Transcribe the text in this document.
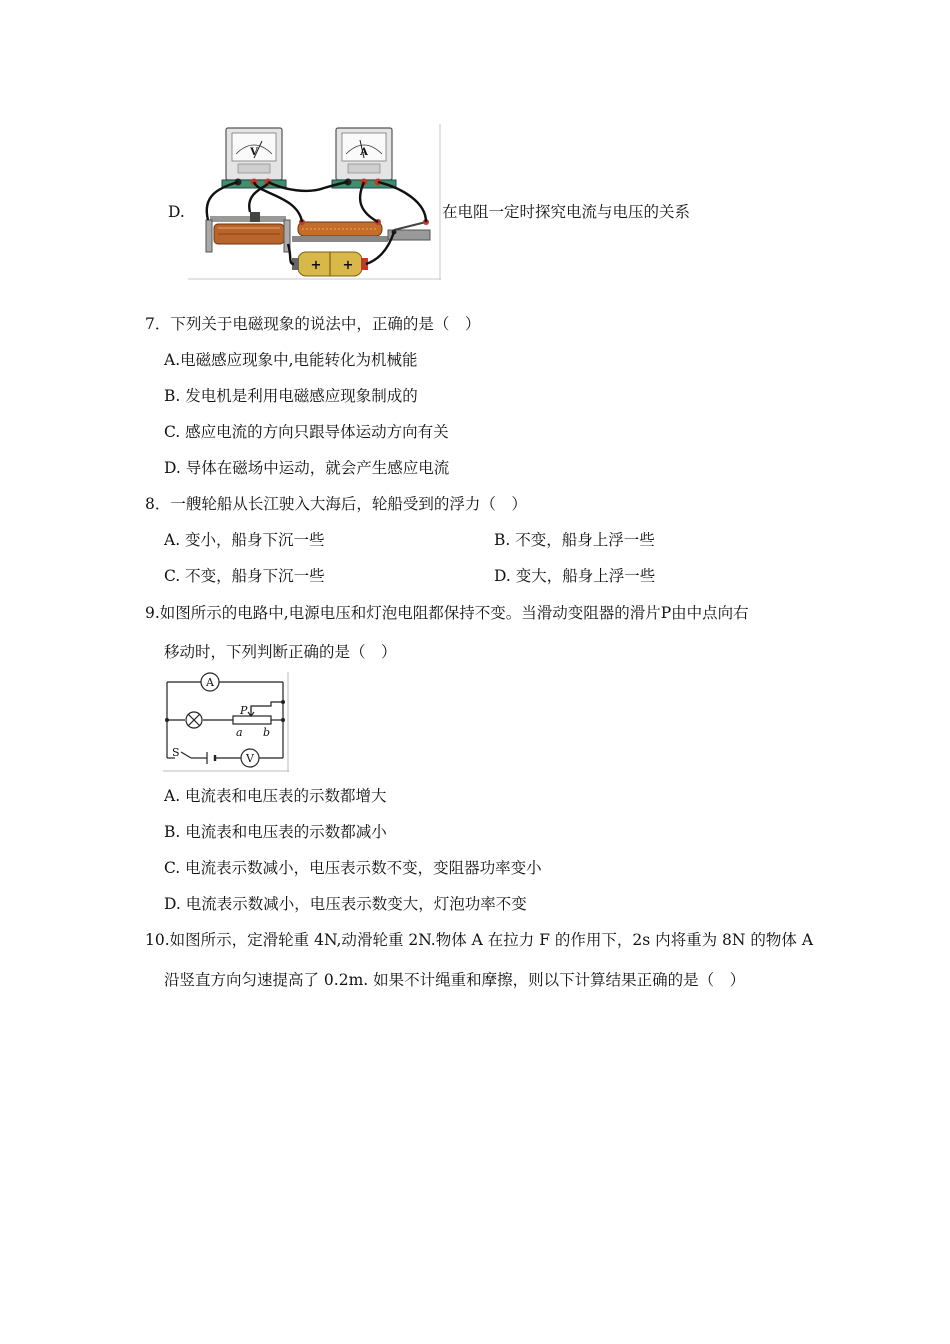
D.
V	A
+ +
在电阻一定时探究电流与电压的关系
7．下列关于电磁现象的说法中，正确的是（　）
A.电磁感应现象中,电能转化为机械能
B. 发电机是利用电磁感应现象制成的
C. 感应电流的方向只跟导体运动方向有关
D. 导体在磁场中运动，就会产生感应电流
8．一艘轮船从长江驶入大海后，轮船受到的浮力（　）
A. 变小，船身下沉一些	B. 不变，船身上浮一些
C. 不变，船身下沉一些	D. 变大，船身上浮一些
9.如图所示的电路中,电源电压和灯泡电阻都保持不变。当滑动变阻器的滑片P由中点向右
移动时，下列判断正确的是（　）
A
V
P
a b
S
A. 电流表和电压表的示数都增大
B. 电流表和电压表的示数都减小
C. 电流表示数减小，电压表示数不变，变阻器功率变小
D. 电流表示数减小，电压表示数变大，灯泡功率不变
10.如图所示，定滑轮重 4N,动滑轮重 2N.物体 A 在拉力 F 的作用下，2s 内将重为 8N 的物体 A
沿竖直方向匀速提高了 0.2m. 如果不计绳重和摩擦，则以下计算结果正确的是（　）
